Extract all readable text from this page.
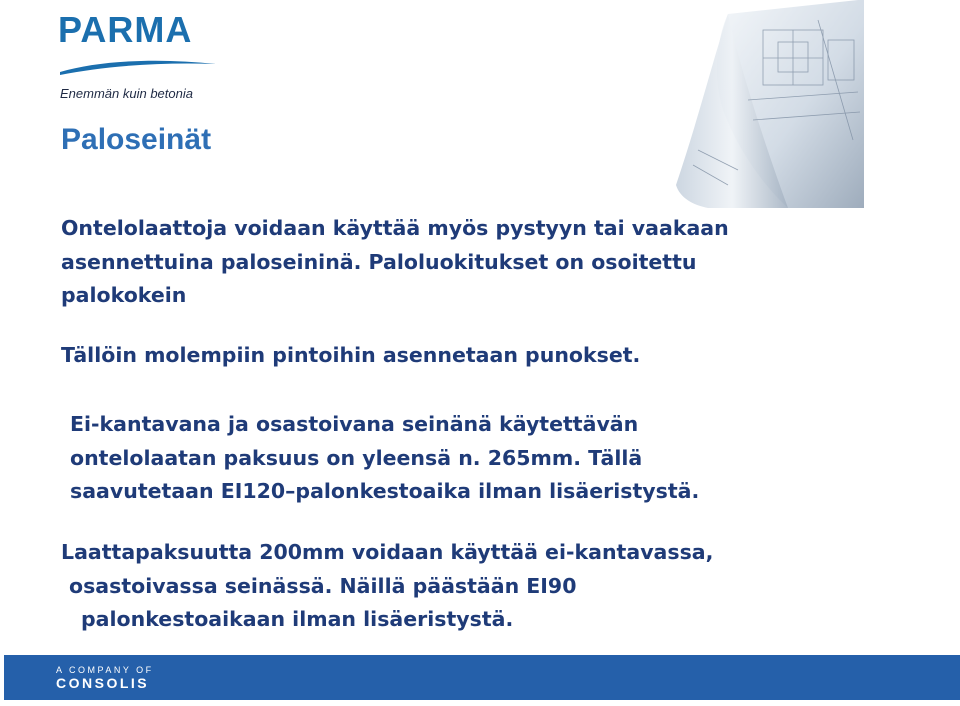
PARMA
Enemmän kuin betonia
Paloseinät

Ontelolaattoja voidaan käyttää myös pystyyn tai vaakaan
asennettuina paloseininä. Paloluokitukset on osoitettu
palokokein

Tällöin molempiin pintoihin asennetaan punokset.

Ei-kantavana ja osastoivana seinänä käytettävän
ontelolaatan paksuus on yleensä n. 265mm. Tällä
saavutetaan EI120–palonkestoaika ilman lisäeristystä.

Laattapaksuutta 200mm voidaan käyttää ei-kantavassa,
osastoivassa seinässä. Näillä päästään EI90
palonkestoaikaan ilman lisäeristystä.

A COMPANY OF
CONSOLIS
